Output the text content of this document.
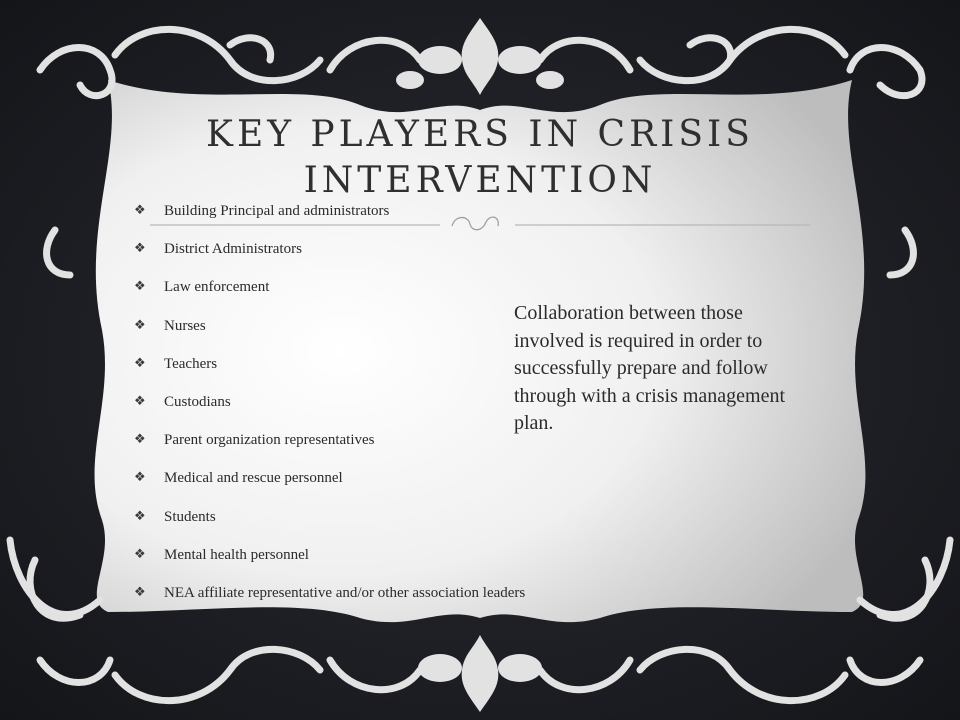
KEY PLAYERS IN CRISIS INTERVENTION
❖	Building Principal and administrators
❖	District Administrators
❖	Law enforcement
❖	Nurses
❖	Teachers
❖	Custodians
❖	Parent organization representatives
❖	Medical and rescue personnel
❖	Students
❖	Mental health personnel
❖	NEA affiliate representative and/or other association leaders

Collaboration between those involved is required in order to successfully prepare and follow through with a crisis management plan.
